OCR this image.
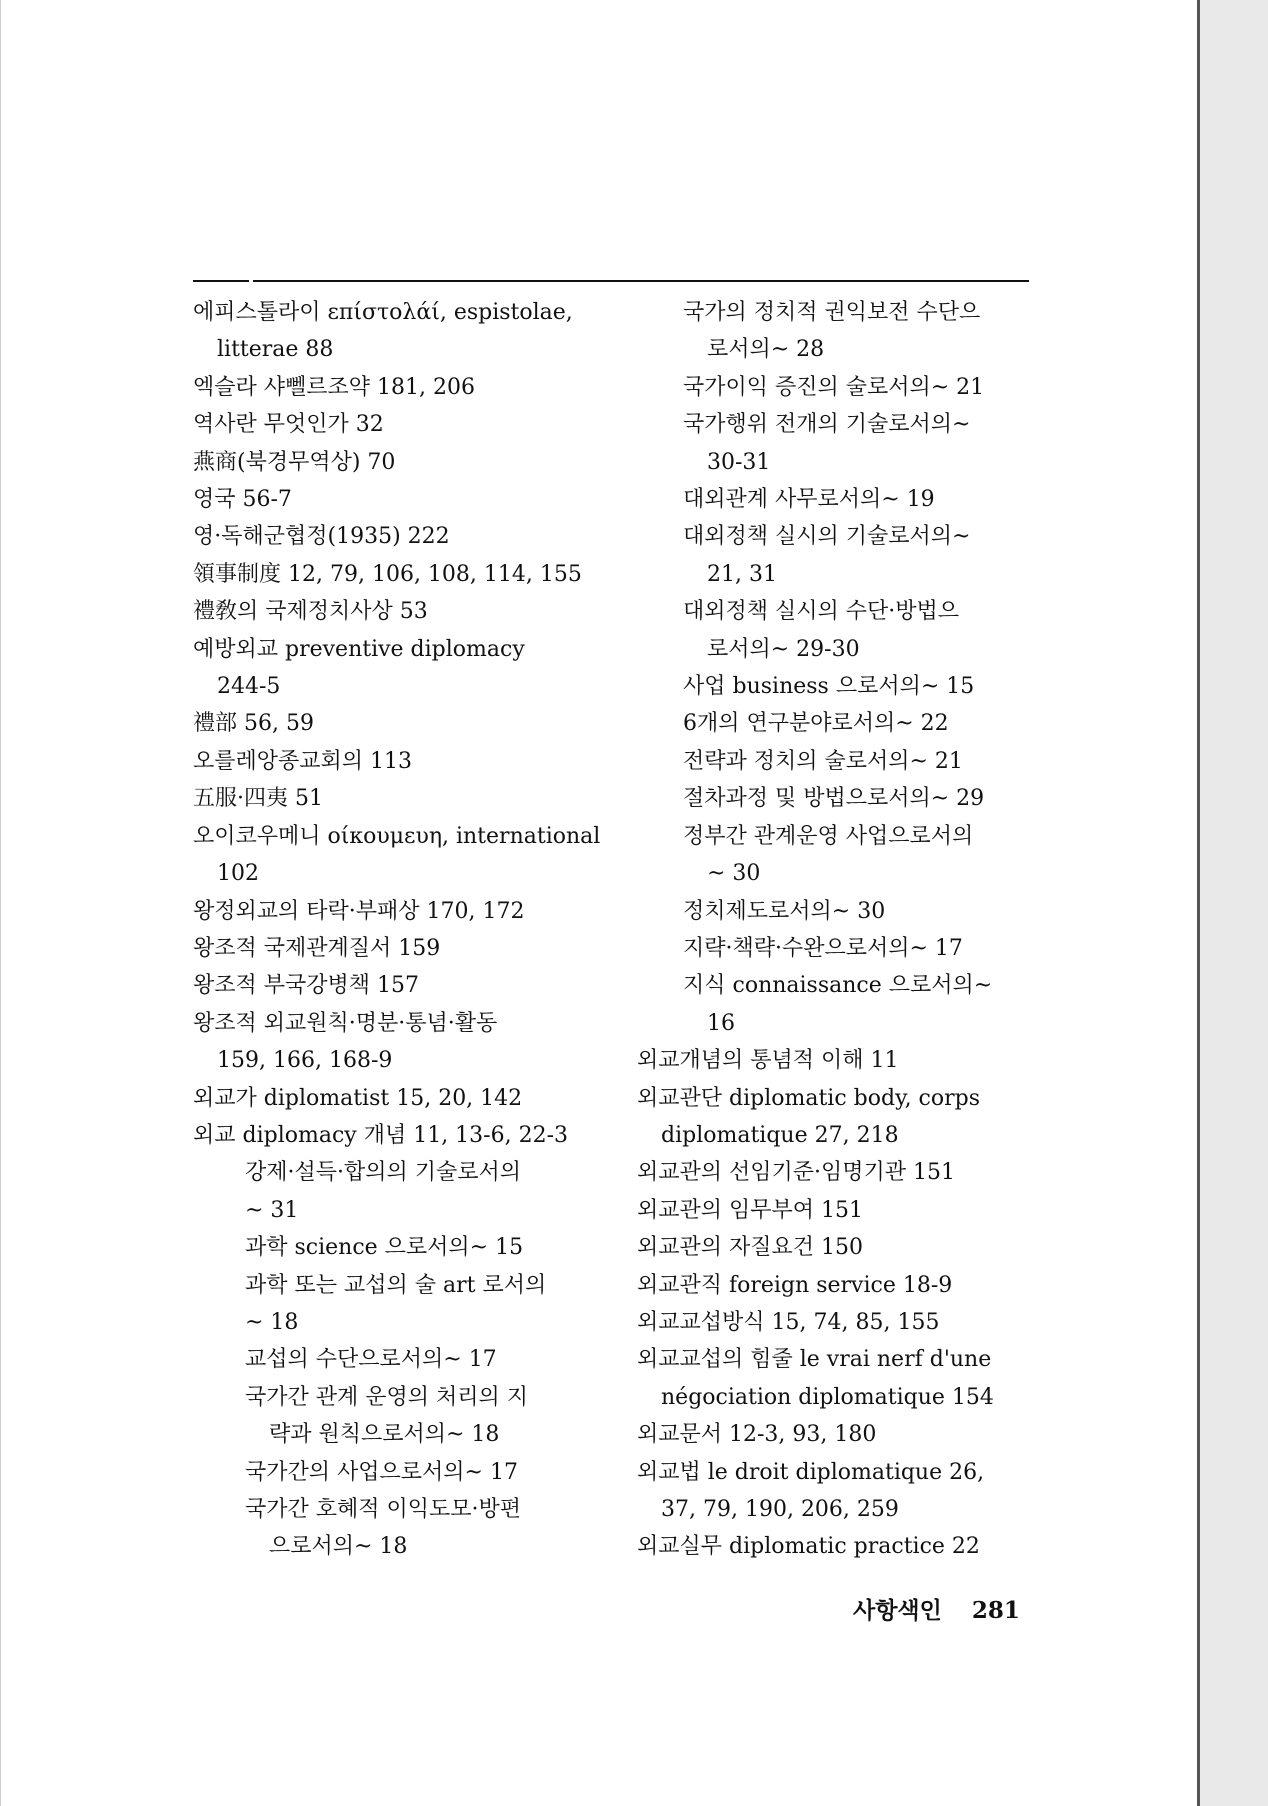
에피스톨라이 επίστολάί, espistolae,
litterae 88
엑슬라 샤뻴르조약 181, 206
역사란 무엇인가 32
燕商(북경무역상) 70
영국 56-7
영·독해군협정(1935) 222
領事制度 12, 79, 106, 108, 114, 155
禮敎의 국제정치사상 53
예방외교 preventive diplomacy
244-5
禮部 56, 59
오를레앙종교회의 113
五服·四夷 51
오이코우메니 οίκουμευη, international
102
왕정외교의 타락·부패상 170, 172
왕조적 국제관계질서 159
왕조적 부국강병책 157
왕조적 외교원칙·명분·통념·활동
159, 166, 168-9
외교가 diplomatist 15, 20, 142
외교 diplomacy 개념 11, 13-6, 22-3
강제·설득·합의의 기술로서의
~ 31
과학 science 으로서의~ 15
과학 또는 교섭의 술 art 로서의
~ 18
교섭의 수단으로서의~ 17
국가간 관계 운영의 처리의 지
략과 원칙으로서의~ 18
국가간의 사업으로서의~ 17
국가간 호혜적 이익도모·방편
으로서의~ 18
국가의 정치적 권익보전 수단으
로서의~ 28
국가이익 증진의 술로서의~ 21
국가행위 전개의 기술로서의~
30-31
대외관계 사무로서의~ 19
대외정책 실시의 기술로서의~
21, 31
대외정책 실시의 수단·방법으
로서의~ 29-30
사업 business 으로서의~ 15
6개의 연구분야로서의~ 22
전략과 정치의 술로서의~ 21
절차과정 및 방법으로서의~ 29
정부간 관계운영 사업으로서의
~ 30
정치제도로서의~ 30
지략·책략·수완으로서의~ 17
지식 connaissance 으로서의~
16
외교개념의 통념적 이해 11
외교관단 diplomatic body, corps
diplomatique 27, 218
외교관의 선임기준·임명기관 151
외교관의 임무부여 151
외교관의 자질요건 150
외교관직 foreign service 18-9
외교교섭방식 15, 74, 85, 155
외교교섭의 힘줄 le vrai nerf d'une
négociation diplomatique 154
외교문서 12-3, 93, 180
외교법 le droit diplomatique 26,
37, 79, 190, 206, 259
외교실무 diplomatic practice 22
사항색인 281
